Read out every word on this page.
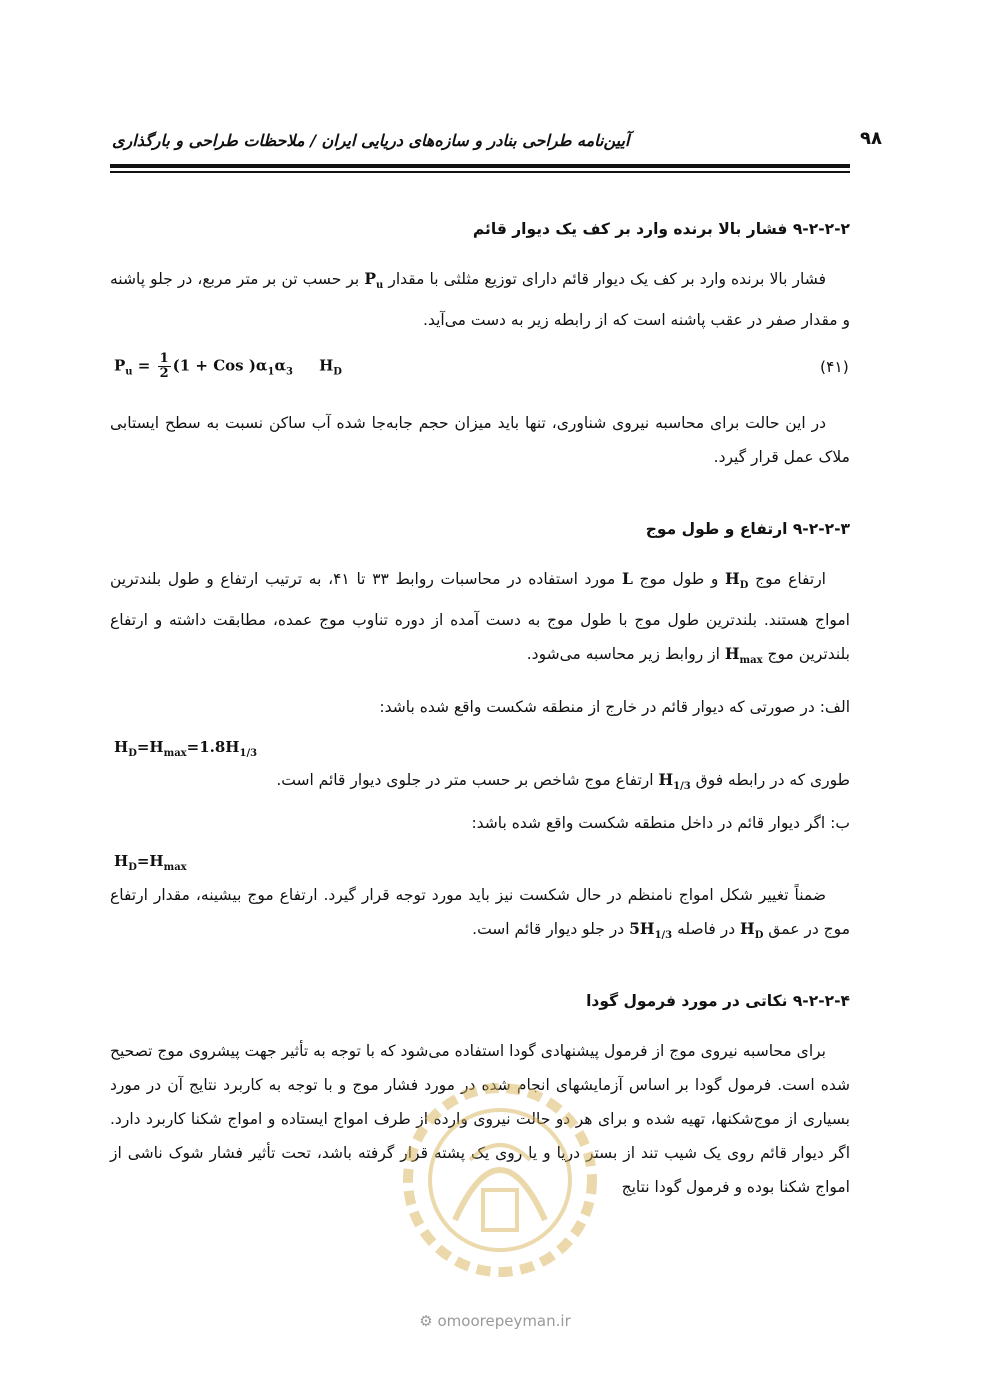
آیین‌نامه طراحی بنادر و سازه‌های دریایی ایران / ملاحظات طراحی و بارگذاری	۹۸
۹-۲-۲-۲ فشار بالا برنده وارد بر کف یک دیوار قائم

فشار بالا برنده وارد بر کف یک دیوار قائم دارای توزیع مثلثی با مقدار $P_u$ بر حسب تن بر متر مربع، در جلو پاشنه و مقدار صفر در عقب پاشنه است که از رابطه زیر به دست می‌آید.

$P_u = \frac{1}{2} (1$ + Cos )$\alpha_1\alpha_3$ $H_D$	(۴۱)

در این حالت برای محاسبه نیروی شناوری، تنها باید میزان حجم جابه‌جا شده آب ساکن نسبت به سطح ایستابی ملاک عمل قرار گیرد.

۹-۲-۲-۳ ارتفاع و طول موج

ارتفاع موج $H_D$ و طول موج L مورد استفاده در محاسبات روابط ۳۳ تا ۴۱، به ترتیب ارتفاع و طول بلندترین امواج هستند. بلندترین طول موج با طول موج به دست آمده از دوره تناوب موج عمده، مطابقت داشته و ارتفاع بلندترین موج $H_{max}$ از روابط زیر محاسبه می‌شود.

الف: در صورتی که دیوار قائم در خارج از منطقه شکست واقع شده باشد:
$H_D=H_{max}=1.8H_{1/3}$
طوری که در رابطه فوق $H_{1/3}$ ارتفاع موج شاخص بر حسب متر در جلوی دیوار قائم است.
ب: اگر دیوار قائم در داخل منطقه شکست واقع شده باشد:
$H_D=H_{max}$

ضمناً تغییر شکل امواج نامنظم در حال شکست نیز باید مورد توجه قرار گیرد. ارتفاع موج بیشینه، مقدار ارتفاع موج در عمق $H_D$ در فاصله $5H_{1/3}$ در جلو دیوار قائم است.

۹-۲-۲-۴ نکاتی در مورد فرمول گودا

برای محاسبه نیروی موج از فرمول پیشنهادی گودا استفاده می‌شود که با توجه به تأثیر جهت پیشروی موج تصحیح شده است. فرمول گودا بر اساس آزمایشهای انجام شده در مورد فشار موج و با توجه به کاربرد نتایج آن در مورد بسیاری از موج‌شکنها، تهیه شده و برای هر دو حالت نیروی وارده از طرف امواج ایستاده و امواج شکنا کاربرد دارد. اگر دیوار قائم روی یک شیب تند از بستر دریا و یا روی یک پشته قرار گرفته باشد، تحت تأثیر فشار شوک ناشی از امواج شکنا بوده و فرمول گودا نتایج

⚙ omoorepeyman.ir
